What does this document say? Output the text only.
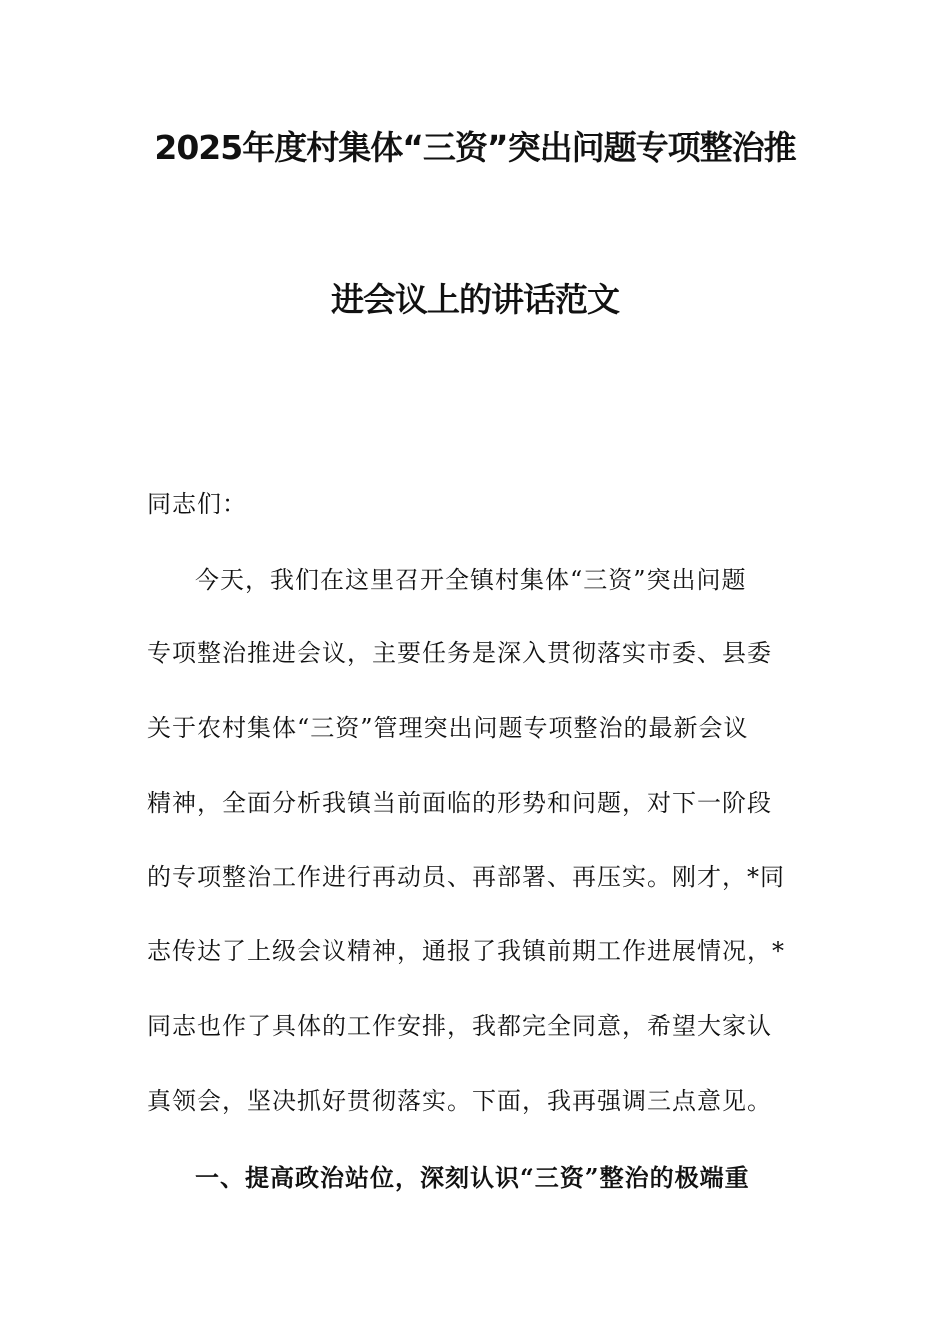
2025年度村集体“三资”突出问题专项整治推
进会议上的讲话范文
同志们：
今天，我们在这里召开全镇村集体“三资”突出问题
专项整治推进会议，主要任务是深入贯彻落实市委、县委
关于农村集体“三资”管理突出问题专项整治的最新会议
精神，全面分析我镇当前面临的形势和问题，对下一阶段
的专项整治工作进行再动员、再部署、再压实。刚才，*同
志传达了上级会议精神，通报了我镇前期工作进展情况，*
同志也作了具体的工作安排，我都完全同意，希望大家认
真领会，坚决抓好贯彻落实。下面，我再强调三点意见。
一、提高政治站位，深刻认识“三资”整治的极端重
